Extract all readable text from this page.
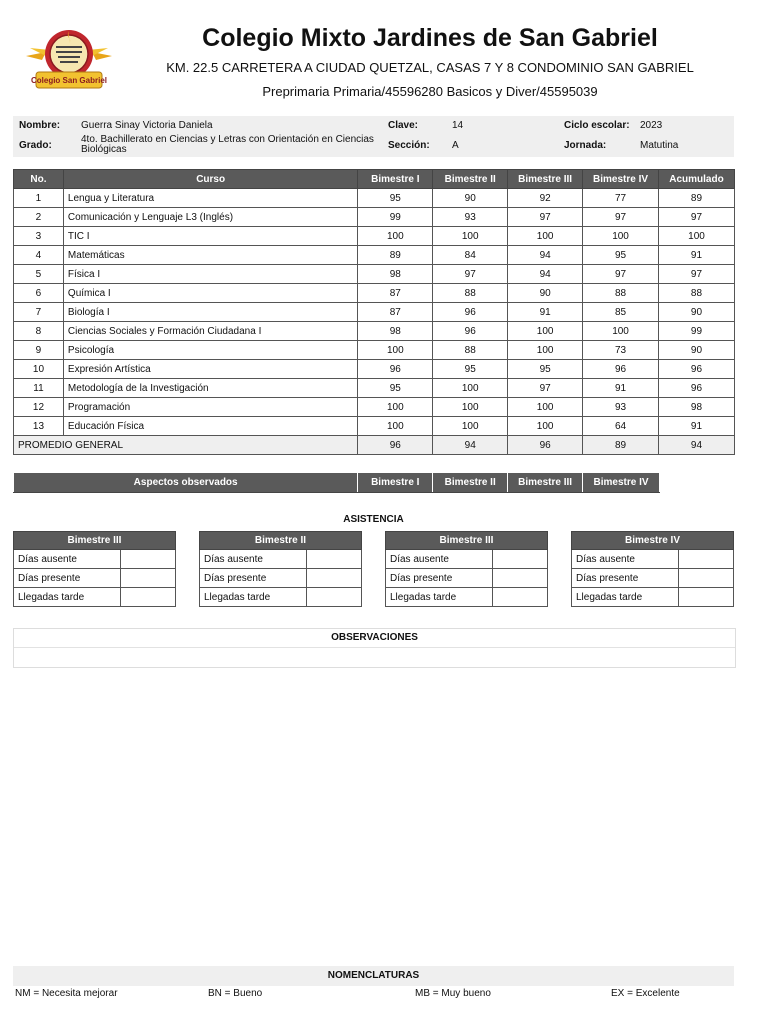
Colegio San Gabriel
Colegio Mixto Jardines de San Gabriel
KM. 22.5 CARRETERA A CIUDAD QUETZAL, CASAS 7 Y 8 CONDOMINIO SAN GABRIEL
Preprimaria Primaria/45596280 Basicos y Diver/45595039
Nombre: Guerra Sinay Victoria Daniela
Grado:
4to. Bachillerato en Ciencias y Letras con Orientación en Ciencias Biológicas
Clave:	14
Sección: A
Ciclo escolar: 2023
Jornada:	Matutina
No.	Curso	Bimestre I	Bimestre II	Bimestre III	Bimestre IV	Acumulado
1	Lengua y Literatura	95	90	92	77	89
2	Comunicación y Lenguaje L3 (Inglés)	99	93	97	97	97
3	TIC I	100	100	100	100	100
4	Matemáticas	89	84	94	95	91
5	Física I	98	97	94	97	97
6	Química I	87	88	90	88	88
7	Biología I	87	96	91	85	90
8	Ciencias Sociales y Formación Ciudadana I	98	96	100	100	99
9	Psicología	100	88	100	73	90
10	Expresión Artística	96	95	95	96	96
11	Metodología de la Investigación	95	100	97	91	96
12	Programación	100	100	100	93	98
13	Educación Física	100	100	100	64	91
PROMEDIO GENERAL		96	94	96	89	94
Aspectos observados	Bimestre I	Bimestre II	Bimestre III	Bimestre IV
ASISTENCIA
Bimestre III	
Días ausente	
Días presente	
Llegadas tarde	
Bimestre II	
Días ausente	
Días presente	
Llegadas tarde	
Bimestre III	
Días ausente	
Días presente	
Llegadas tarde	
Bimestre IV	
Días ausente	
Días presente	
Llegadas tarde	
OBSERVACIONES
NOMENCLATURAS
NM = Necesita mejorar	BN = Bueno	MB = Muy bueno	EX = Excelente
